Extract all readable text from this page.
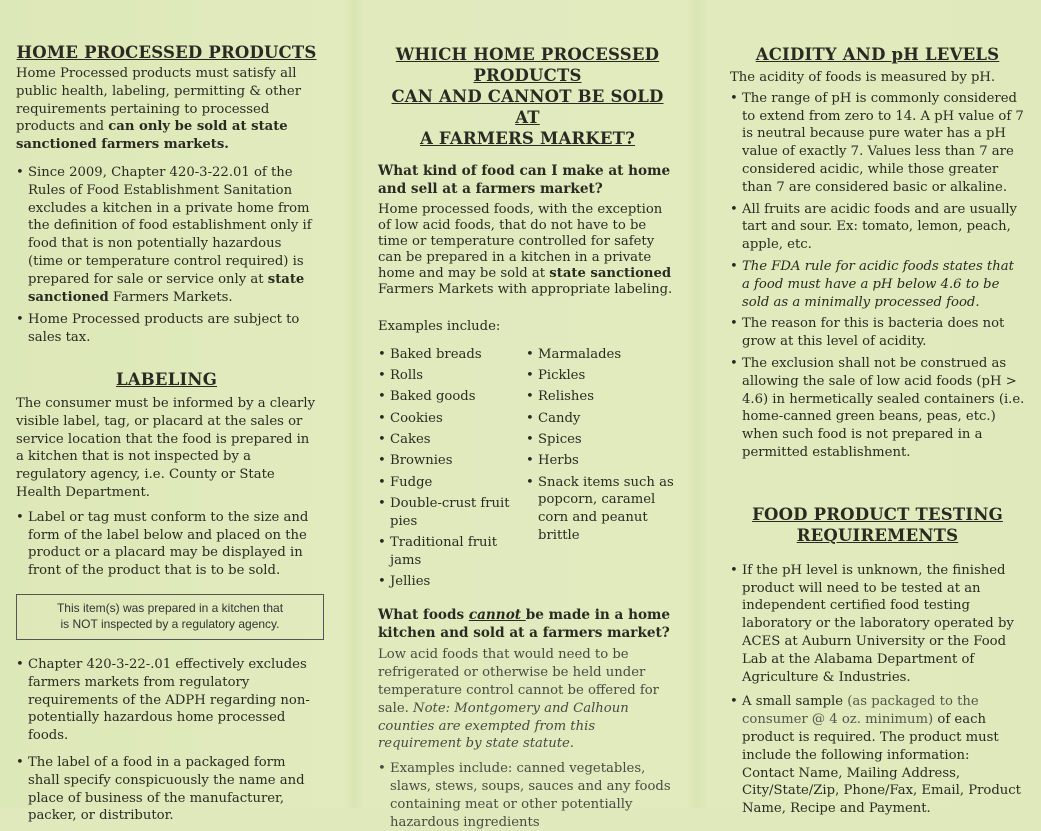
HOME PROCESSED PRODUCTS

Home Processed products must satisfy all public health, labeling, permitting & other requirements pertaining to processed products and can only be sold at state sanctioned farmers markets.

• Since 2009, Chapter 420-3-22.01 of the Rules of Food Establishment Sanitation excludes a kitchen in a private home from the definition of food establishment only if food that is non potentially hazardous (time or temperature control required) is prepared for sale or service only at state sanctioned Farmers Markets.
• Home Processed products are subject to sales tax.
LABELING

The consumer must be informed by a clearly visible label, tag, or placard at the sales or service location that the food is prepared in a kitchen that is not inspected by a regulatory agency, i.e. County or State Health Department.

• Label or tag must conform to the size and form of the label below and placed on the product or a placard may be displayed in front of the product that is to be sold.
This item(s) was prepared in a kitchen that
is NOT inspected by a regulatory agency.
• Chapter 420-3-22-.01 effectively excludes farmers markets from regulatory requirements of the ADPH regarding non-potentially hazardous home processed foods.
• The label of a food in a packaged form shall specify conspicuously the name and place of business of the manufacturer, packer, or distributor.
WHICH HOME PROCESSED PRODUCTS
CAN AND CANNOT BE SOLD AT
A FARMERS MARKET?
What kind of food can I make at home and sell at a farmers market?

Home processed foods, with the exception of low acid foods, that do not have to be time or temperature controlled for safety can be prepared in a kitchen in a private home and may be sold at state sanctioned Farmers Markets with appropriate labeling.

Examples include:

• Baked breads
• Rolls
• Baked goods
• Cookies
• Cakes
• Brownies
• Fudge
• Double-crust fruit pies
• Traditional fruit jams
• Jellies
• Marmalades
• Pickles
• Relishes
• Candy
• Spices
• Herbs
• Snack items such as popcorn, caramel corn and peanut brittle
What foods cannot be made in a home kitchen and sold at a farmers market?

Low acid foods that would need to be refrigerated or otherwise be held under temperature control cannot be offered for sale. Note: Montgomery and Calhoun counties are exempted from this requirement by state statute.

• Examples include: canned vegetables, slaws, stews, soups, sauces and any foods containing meat or other potentially hazardous ingredients
ACIDITY AND pH LEVELS

The acidity of foods is measured by pH.

• The range of pH is commonly considered to extend from zero to 14. A pH value of 7 is neutral because pure water has a pH value of exactly 7. Values less than 7 are considered acidic, while those greater than 7 are considered basic or alkaline.
• All fruits are acidic foods and are usually tart and sour. Ex: tomato, lemon, peach, apple, etc.
• The FDA rule for acidic foods states that a food must have a pH below 4.6 to be sold as a minimally processed food.
• The reason for this is bacteria does not grow at this level of acidity.
• The exclusion shall not be construed as allowing the sale of low acid foods (pH > 4.6) in hermetically sealed containers (i.e. home-canned green beans, peas, etc.) when such food is not prepared in a permitted establishment.
FOOD PRODUCT TESTING
REQUIREMENTS
• If the pH level is unknown, the finished product will need to be tested at an independent certified food testing laboratory or the laboratory operated by ACES at Auburn University or the Food Lab at the Alabama Department of Agriculture & Industries.
• A small sample (as packaged to the consumer @ 4 oz. minimum) of each product is required. The product must include the following information: Contact Name, Mailing Address, City/State/Zip, Phone/Fax, Email, Product Name, Recipe and Payment.
